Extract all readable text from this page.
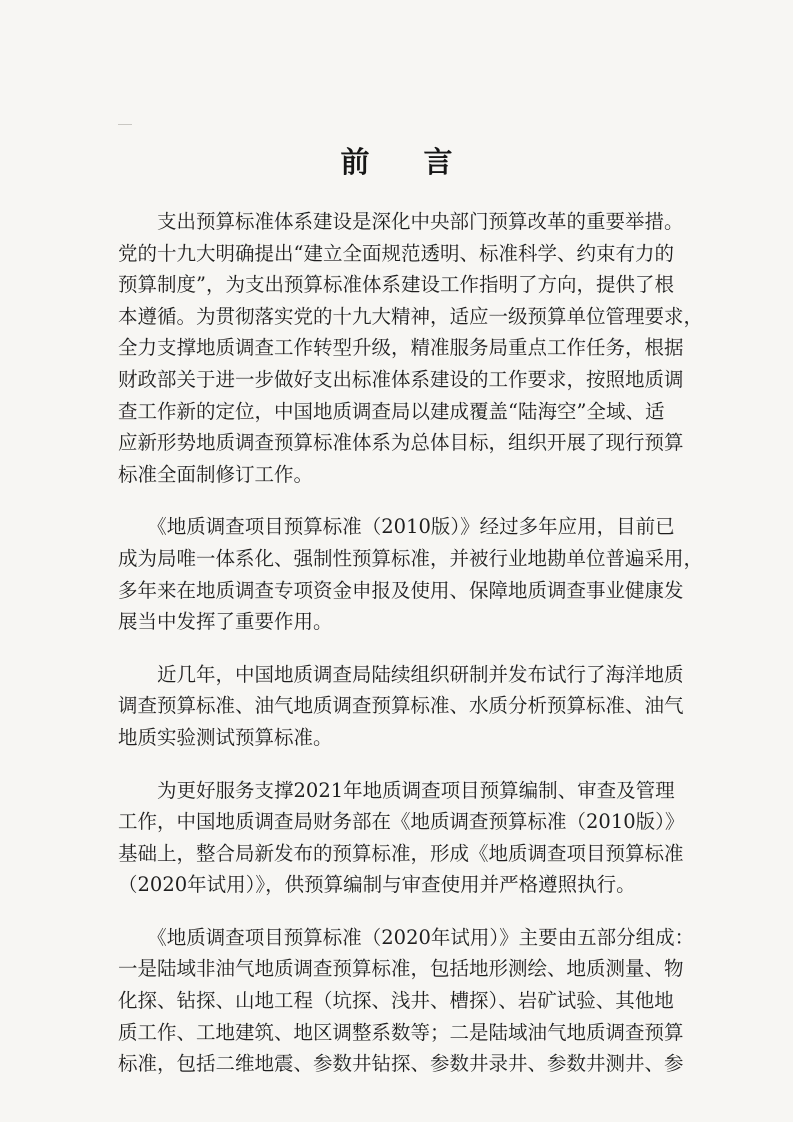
前 言
　　支出预算标准体系建设是深化中央部门预算改革的重要举措。
党的十九大明确提出“建立全面规范透明、标准科学、约束有力的
预算制度”，为支出预算标准体系建设工作指明了方向，提供了根
本遵循。为贯彻落实党的十九大精神，适应一级预算单位管理要求，
全力支撑地质调查工作转型升级，精准服务局重点工作任务，根据
财政部关于进一步做好支出标准体系建设的工作要求，按照地质调
查工作新的定位，中国地质调查局以建成覆盖“陆海空”全域、适
应新形势地质调查预算标准体系为总体目标，组织开展了现行预算
标准全面制修订工作。
　　《地质调查项目预算标准（2010版）》经过多年应用，目前已
成为局唯一体系化、强制性预算标准，并被行业地勘单位普遍采用，
多年来在地质调查专项资金申报及使用、保障地质调查事业健康发
展当中发挥了重要作用。
　　近几年，中国地质调查局陆续组织研制并发布试行了海洋地质
调查预算标准、油气地质调查预算标准、水质分析预算标准、油气
地质实验测试预算标准。
　　为更好服务支撑2021年地质调查项目预算编制、审查及管理
工作，中国地质调查局财务部在《地质调查预算标准（2010版）》
基础上，整合局新发布的预算标准，形成《地质调查项目预算标准
（2020年试用）》，供预算编制与审查使用并严格遵照执行。
　　《地质调查项目预算标准（2020年试用）》主要由五部分组成：
一是陆域非油气地质调查预算标准，包括地形测绘、地质测量、物
化探、钻探、山地工程（坑探、浅井、槽探）、岩矿试验、其他地
质工作、工地建筑、地区调整系数等；二是陆域油气地质调查预算
标准，包括二维地震、参数井钻探、参数井录井、参数井测井、参
